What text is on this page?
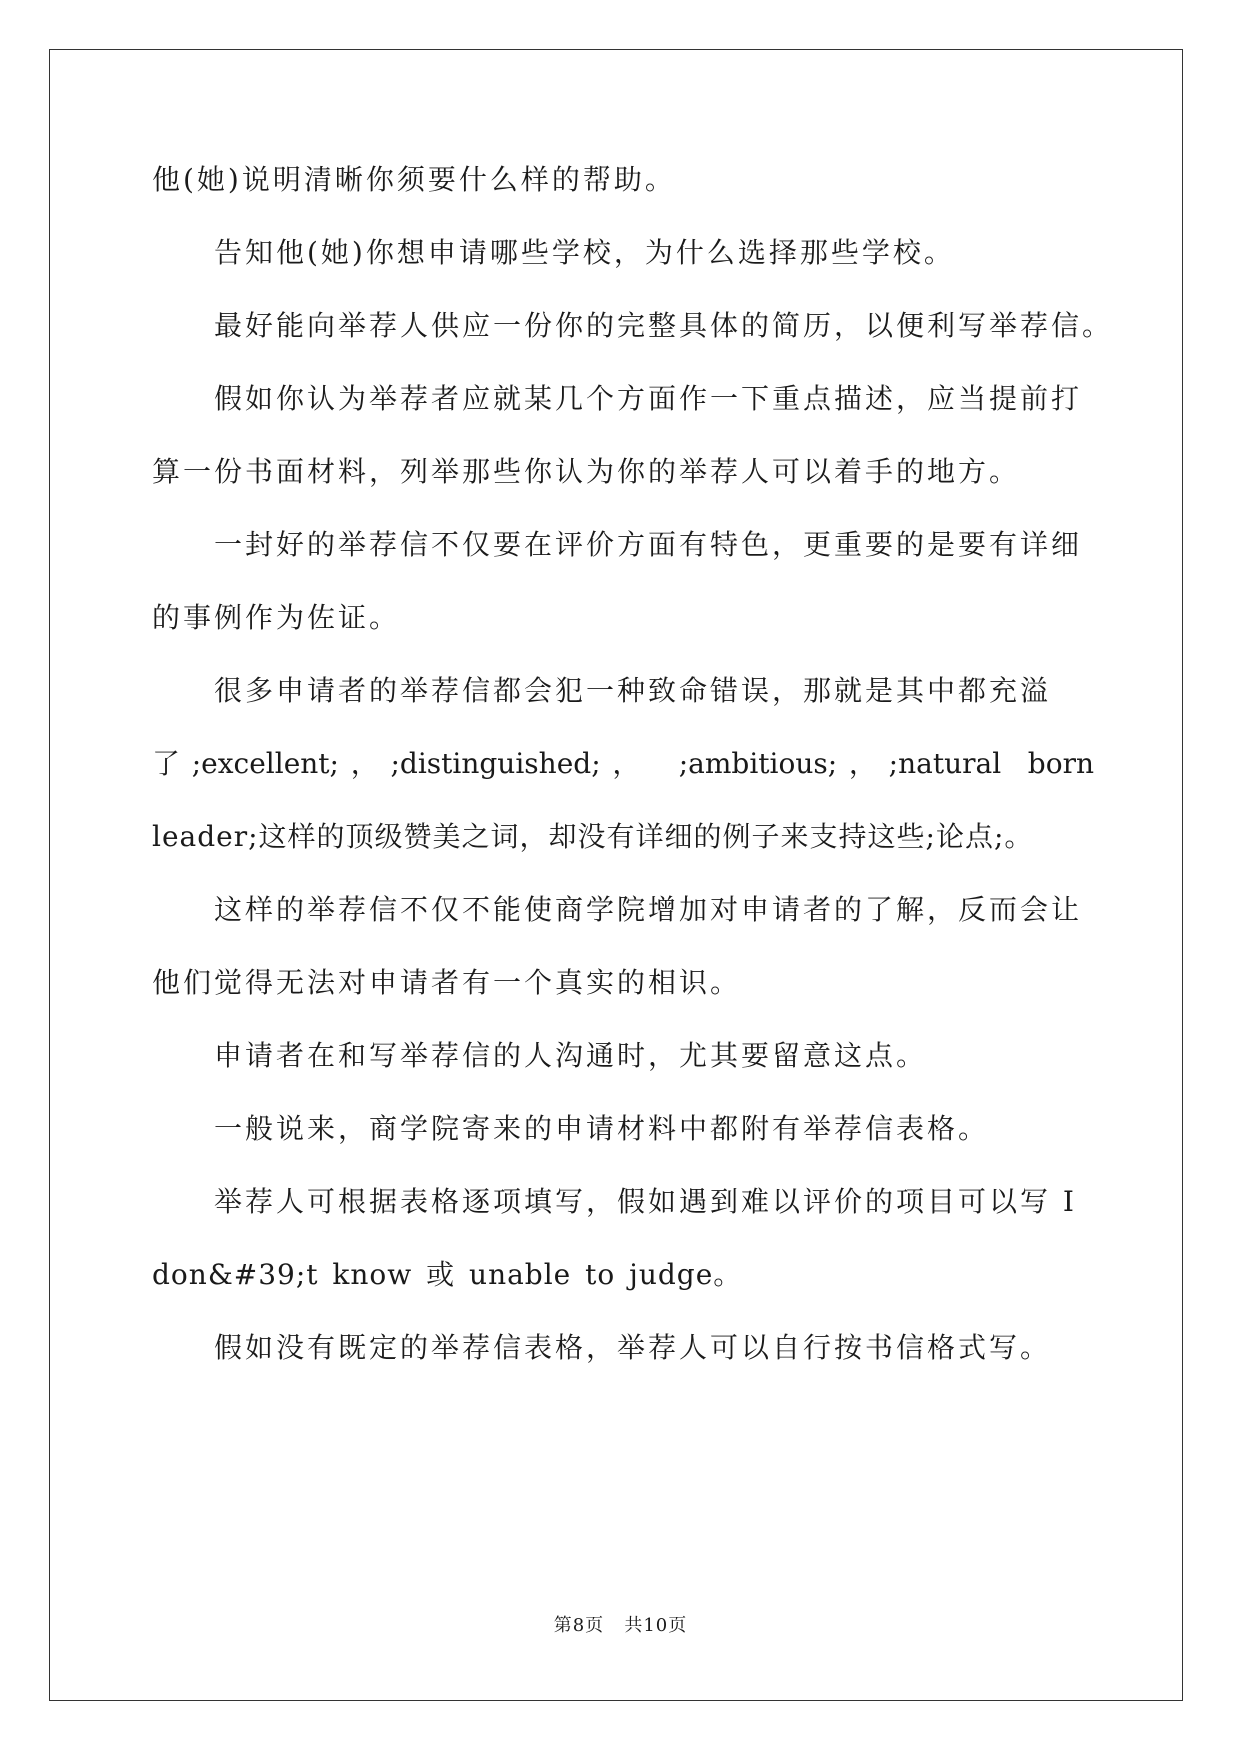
他(她)说明清晰你须要什么样的帮助。
告知他(她)你想申请哪些学校，为什么选择那些学校。
最好能向举荐人供应一份你的完整具体的简历，以便利写举荐信。
假如你认为举荐者应就某几个方面作一下重点描述，应当提前打
算一份书面材料，列举那些你认为你的举荐人可以着手的地方。
一封好的举荐信不仅要在评价方面有特色，更重要的是要有详细
的事例作为佐证。
很多申请者的举荐信都会犯一种致命错误，那就是其中都充溢
了;excellent;，;distinguished;， ;ambitious;，;natural born
leader;这样的顶级赞美之词，却没有详细的例子来支持这些;论点;。
这样的举荐信不仅不能使商学院增加对申请者的了解，反而会让
他们觉得无法对申请者有一个真实的相识。
申请者在和写举荐信的人沟通时，尤其要留意这点。
一般说来，商学院寄来的申请材料中都附有举荐信表格。
举荐人可根据表格逐项填写，假如遇到难以评价的项目可以写 I
don&#39;t know 或 unable to judge。
假如没有既定的举荐信表格，举荐人可以自行按书信格式写。
第8页 共10页
